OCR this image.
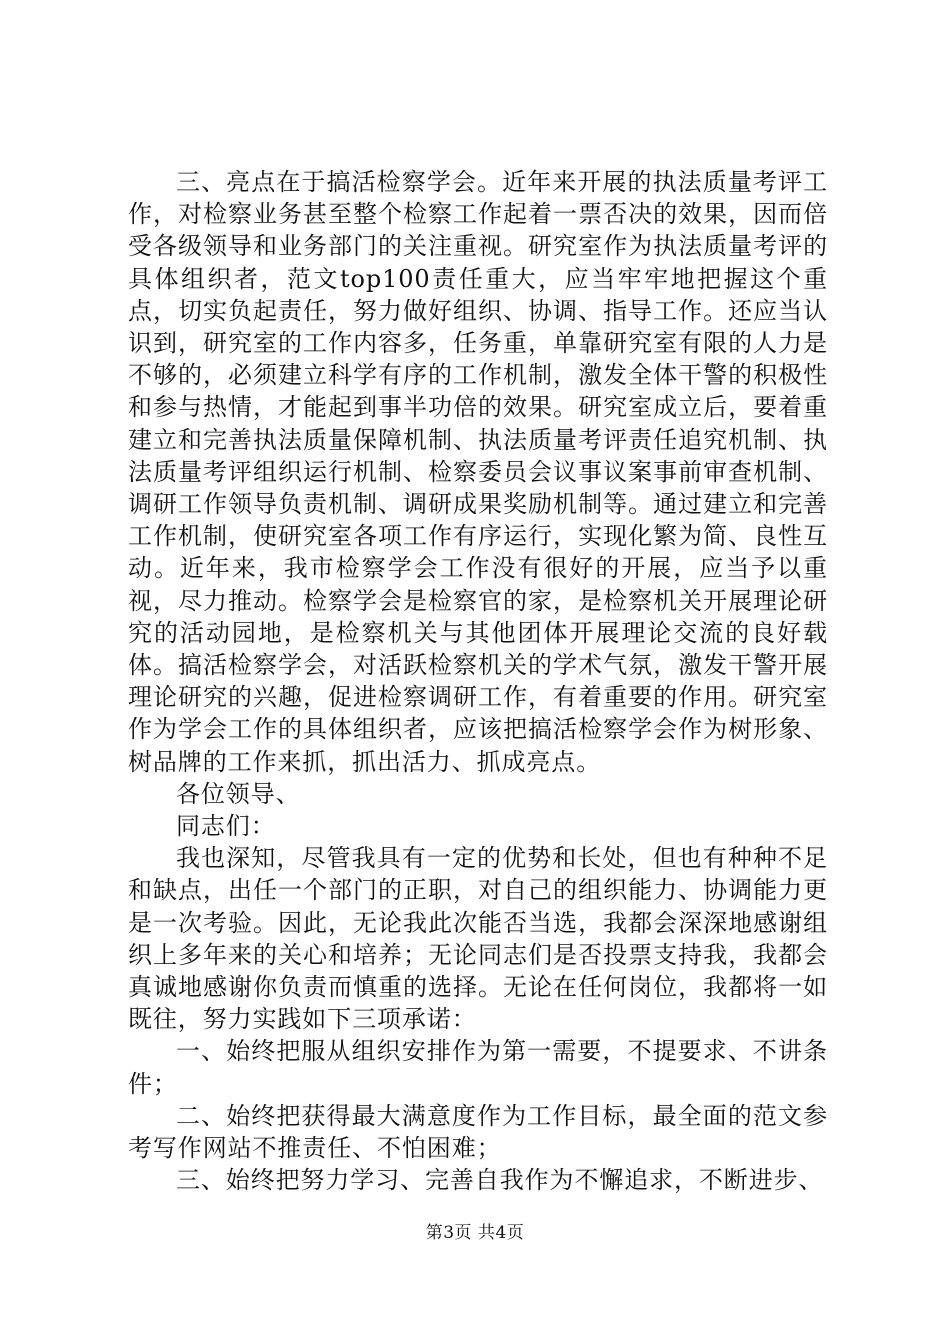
三、亮点在于搞活检察学会。近年来开展的执法质量考评工作，对检察业务甚至整个检察工作起着一票否决的效果，因而倍受各级领导和业务部门的关注重视。研究室作为执法质量考评的具体组织者，范文top100责任重大，应当牢牢地把握这个重点，切实负起责任，努力做好组织、协调、指导工作。还应当认识到，研究室的工作内容多，任务重，单靠研究室有限的人力是不够的，必须建立科学有序的工作机制，激发全体干警的积极性和参与热情，才能起到事半功倍的效果。研究室成立后，要着重建立和完善执法质量保障机制、执法质量考评责任追究机制、执法质量考评组织运行机制、检察委员会议事议案事前审查机制、调研工作领导负责机制、调研成果奖励机制等。通过建立和完善工作机制，使研究室各项工作有序运行，实现化繁为简、良性互动。近年来，我市检察学会工作没有很好的开展，应当予以重视，尽力推动。检察学会是检察官的家，是检察机关开展理论研究的活动园地，是检察机关与其他团体开展理论交流的良好载体。搞活检察学会，对活跃检察机关的学术气氛，激发干警开展理论研究的兴趣，促进检察调研工作，有着重要的作用。研究室作为学会工作的具体组织者，应该把搞活检察学会作为树形象、树品牌的工作来抓，抓出活力、抓成亮点。

各位领导、

同志们：

我也深知，尽管我具有一定的优势和长处，但也有种种不足和缺点，出任一个部门的正职，对自己的组织能力、协调能力更是一次考验。因此，无论我此次能否当选，我都会深深地感谢组织上多年来的关心和培养；无论同志们是否投票支持我，我都会真诚地感谢你负责而慎重的选择。无论在任何岗位，我都将一如既往，努力实践如下三项承诺：

一、始终把服从组织安排作为第一需要，不提要求、不讲条件；

二、始终把获得最大满意度作为工作目标，最全面的范文参考写作网站不推责任、不怕困难；

三、始终把努力学习、完善自我作为不懈追求，不断进步、

第3页 共4页
